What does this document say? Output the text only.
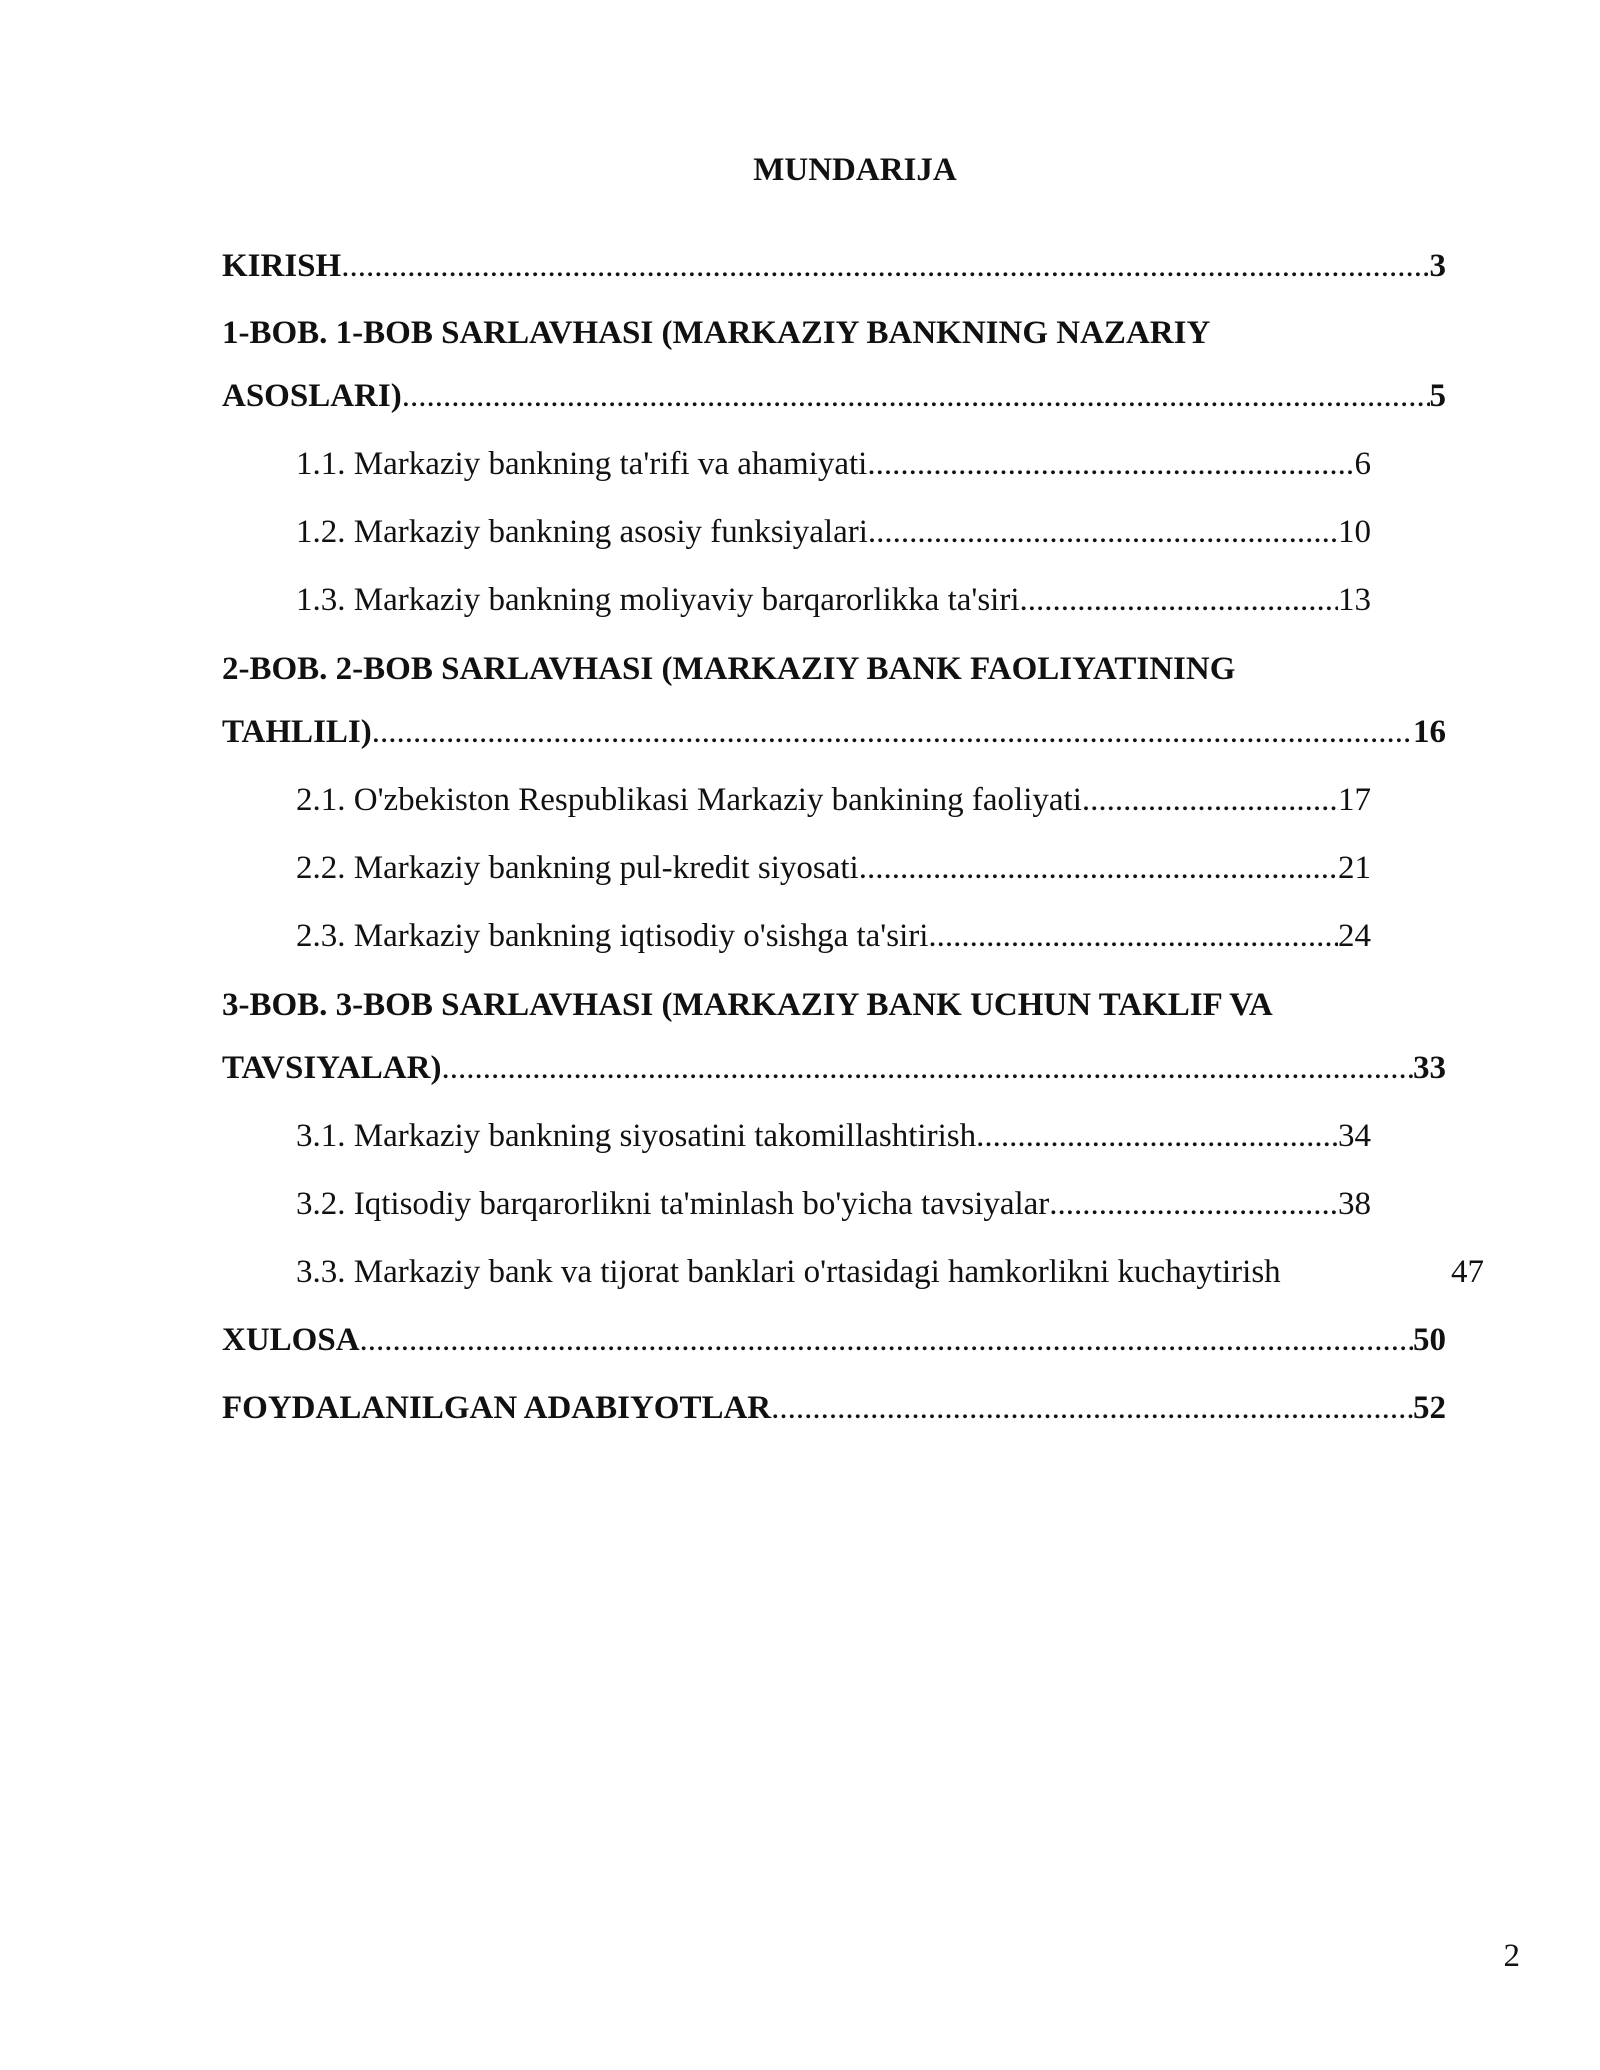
MUNDARIJA
KIRISH .....	3
1-BOB. 1-BOB SARLAVHASI (MARKAZIY BANKNING NAZARIY
ASOSLARI) .....	5
1.1. Markaziy bankning ta'rifi va ahamiyati .....	6
1.2. Markaziy bankning asosiy funksiyalari .....	10
1.3. Markaziy bankning moliyaviy barqarorlikka ta'siri .....	13
2-BOB. 2-BOB SARLAVHASI (MARKAZIY BANK FAOLIYATINING
TAHLILI) .....	16
2.1. O'zbekiston Respublikasi Markaziy bankining faoliyati .....	17
2.2. Markaziy bankning pul-kredit siyosati .....	21
2.3. Markaziy bankning iqtisodiy o'sishga ta'siri .....	24
3-BOB. 3-BOB SARLAVHASI (MARKAZIY BANK UCHUN TAKLIF VA
TAVSIYALAR) .....	33
3.1. Markaziy bankning siyosatini takomillashtirish .....	34
3.2. Iqtisodiy barqarorlikni ta'minlash bo'yicha tavsiyalar .....	38
3.3. Markaziy bank va tijorat banklari o'rtasidagi hamkorlikni kuchaytirish	47
XULOSA .....	50
FOYDALANILGAN ADABIYOTLAR .....	52
2
